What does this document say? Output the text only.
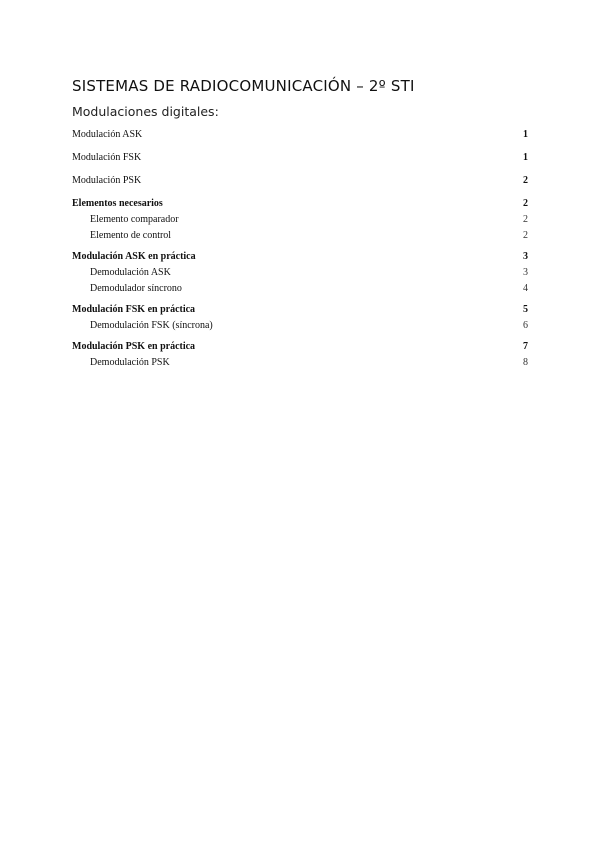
SISTEMAS DE RADIOCOMUNICACIÓN – 2º STI
Modulaciones digitales:
Modulación ASK	1
Modulación FSK	1
Modulación PSK	2
Elementos necesarios	2
Elemento comparador	2
Elemento de control	2
Modulación ASK en práctica	3
Demodulación ASK	3
Demodulador síncrono	4
Modulación FSK en práctica	5
Demodulación FSK (síncrona)	6
Modulación PSK en práctica	7
Demodulación PSK	8
